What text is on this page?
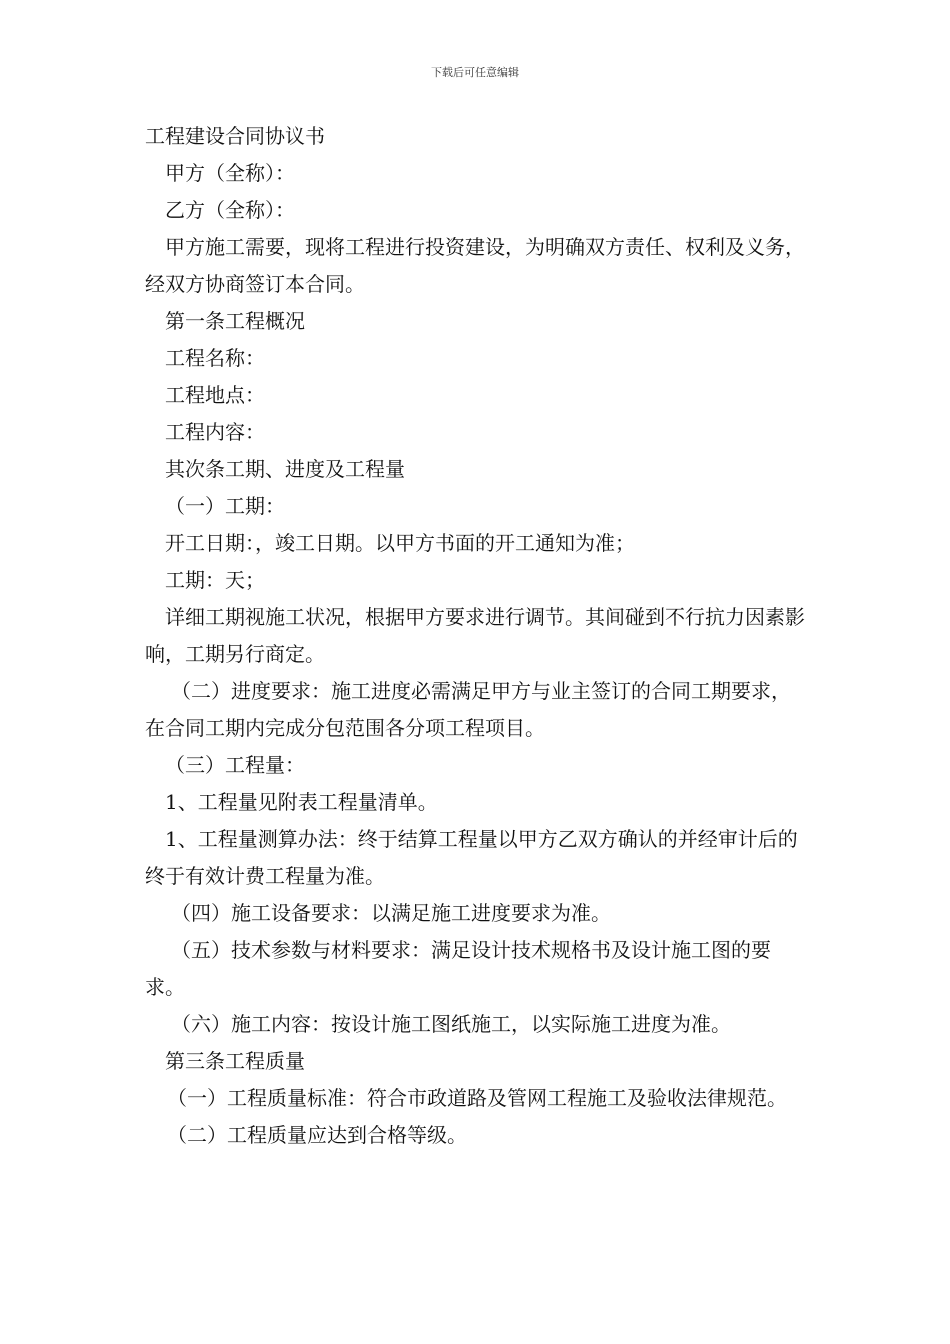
下载后可任意编辑

工程建设合同协议书

甲方（全称）：

乙方（全称）：

甲方施工需要，现将工程进行投资建设，为明确双方责任、权利及义务，经双方协商签订本合同。

第一条工程概况

工程名称：

工程地点：

工程内容：

其次条工期、进度及工程量

（一）工期：

开工日期：，竣工日期。以甲方书面的开工通知为准；

工期：天；

详细工期视施工状况，根据甲方要求进行调节。其间碰到不行抗力因素影响，工期另行商定。

（二）进度要求：施工进度必需满足甲方与业主签订的合同工期要求，在合同工期内完成分包范围各分项工程项目。

（三）工程量：

1、工程量见附表工程量清单。

1、工程量测算办法：终于结算工程量以甲方乙双方确认的并经审计后的终于有效计费工程量为准。

（四）施工设备要求：以满足施工进度要求为准。

（五）技术参数与材料要求：满足设计技术规格书及设计施工图的要求。

（六）施工内容：按设计施工图纸施工，以实际施工进度为准。

第三条工程质量

（一）工程质量标准：符合市政道路及管网工程施工及验收法律规范。

（二）工程质量应达到合格等级。
